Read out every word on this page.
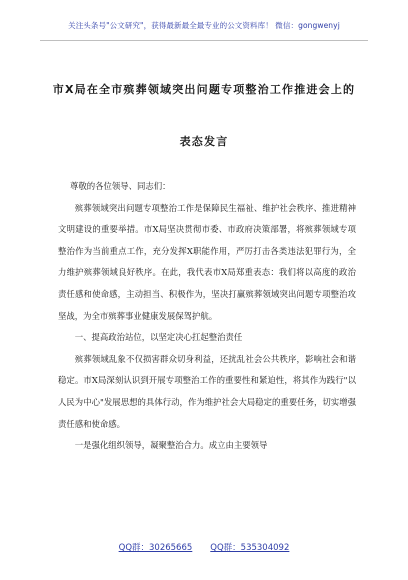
关注头条号"公文研究"，获得最新最全最专业的公文资料库！ 微信：gongwenyj
市X局在全市殡葬领域突出问题专项整治工作推进会上的表态发言

尊敬的各位领导、同志们：

殡葬领域突出问题专项整治工作是保障民生福祉、维护社会秩序、推进精神文明建设的重要举措。市X局坚决贯彻市委、市政府决策部署，将殡葬领域专项整治作为当前重点工作，充分发挥X职能作用，严厉打击各类违法犯罪行为，全力维护殡葬领域良好秩序。在此，我代表市X局郑重表态：我们将以高度的政治责任感和使命感，主动担当、积极作为，坚决打赢殡葬领域突出问题专项整治攻坚战，为全市殡葬事业健康发展保驾护航。

一、提高政治站位，以坚定决心扛起整治责任

殡葬领域乱象不仅损害群众切身利益，还扰乱社会公共秩序，影响社会和谐稳定。市X局深刻认识到开展专项整治工作的重要性和紧迫性，将其作为践行"以人民为中心"发展思想的具体行动，作为维护社会大局稳定的重要任务，切实增强责任感和使命感。

一是强化组织领导，凝聚整治合力。成立由主要领导

QQ群：30265665 QQ群：535304092
